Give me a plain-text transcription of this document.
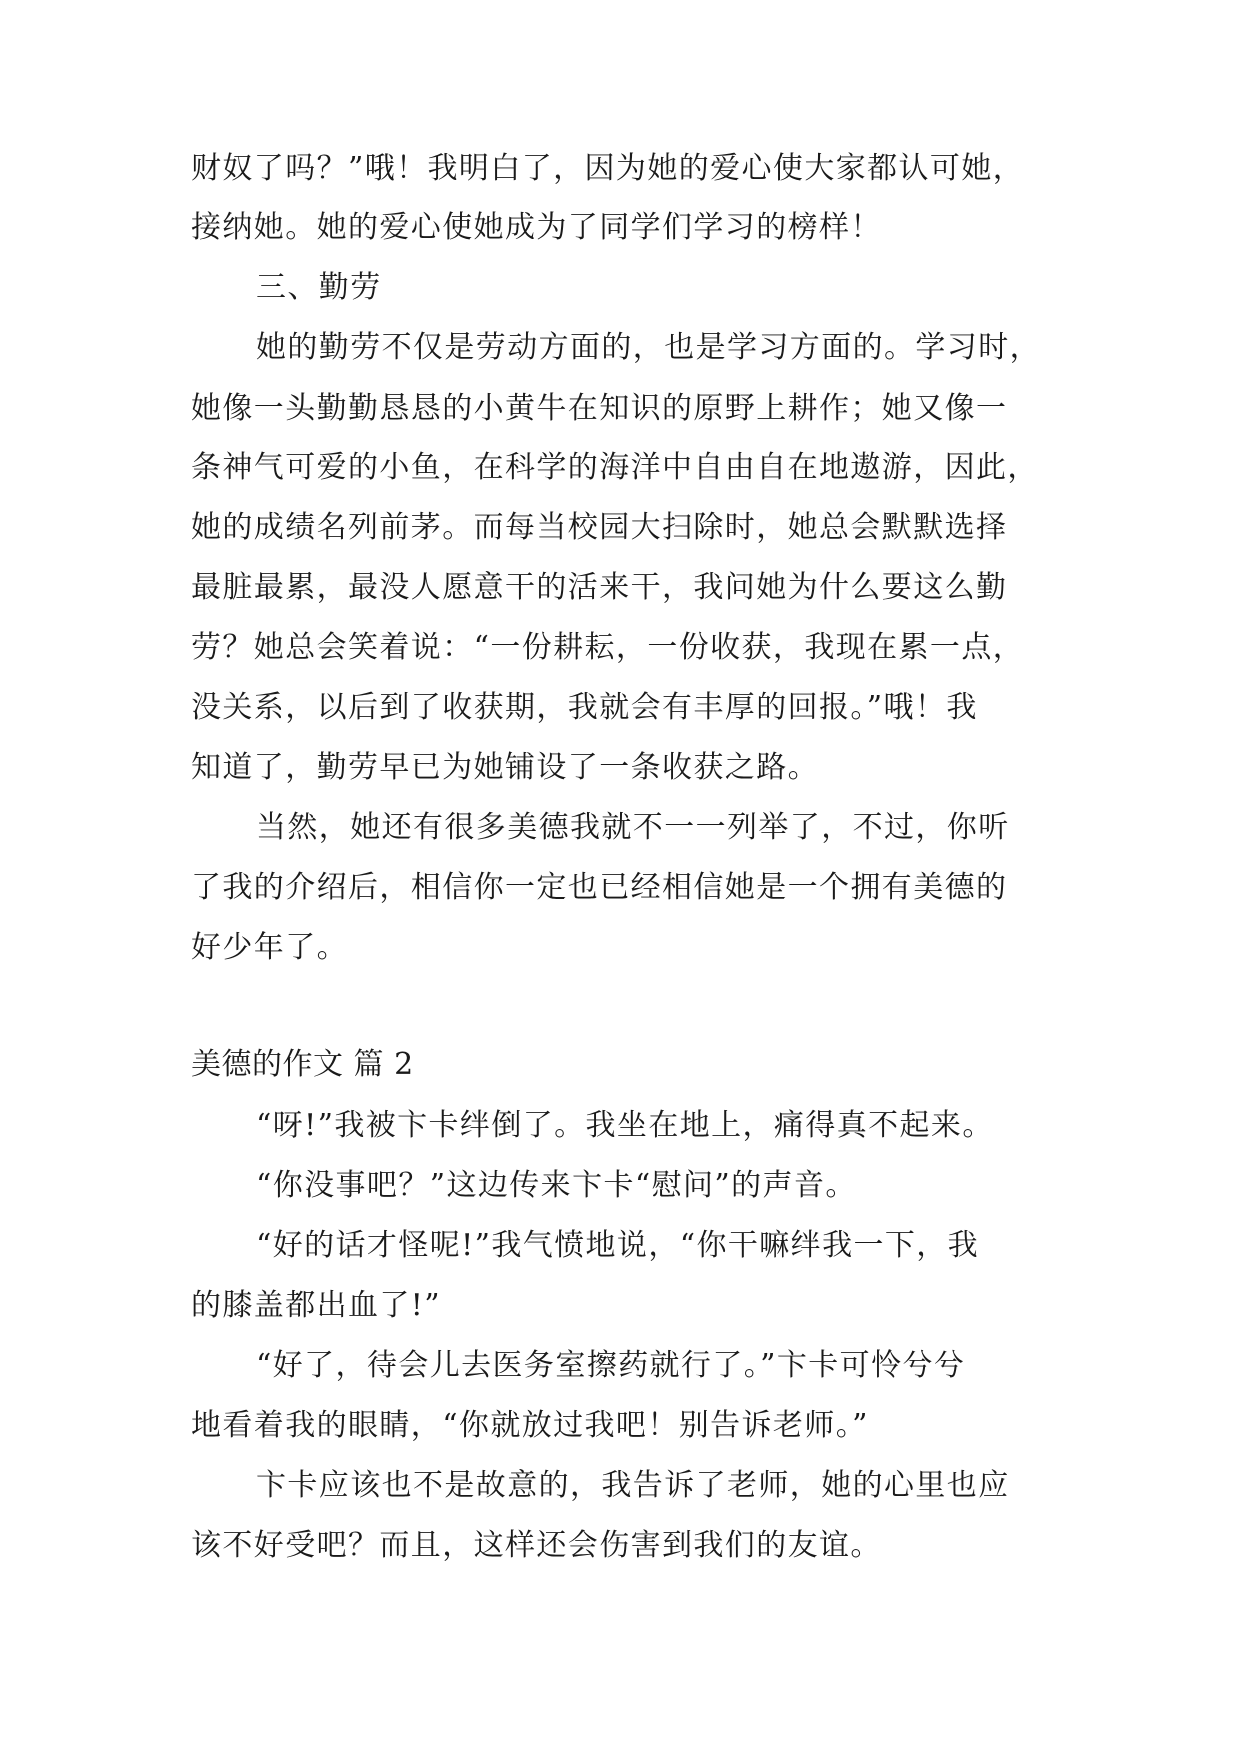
财奴了吗？”哦！我明白了，因为她的爱心使大家都认可她，
接纳她。她的爱心使她成为了同学们学习的榜样！
三、勤劳
她的勤劳不仅是劳动方面的，也是学习方面的。学习时，
她像一头勤勤恳恳的小黄牛在知识的原野上耕作；她又像一
条神气可爱的小鱼，在科学的海洋中自由自在地遨游，因此，
她的成绩名列前茅。而每当校园大扫除时，她总会默默选择
最脏最累，最没人愿意干的活来干，我问她为什么要这么勤
劳？她总会笑着说：“一份耕耘，一份收获，我现在累一点，
没关系，以后到了收获期，我就会有丰厚的回报。”哦！我
知道了，勤劳早已为她铺设了一条收获之路。
当然，她还有很多美德我就不一一列举了，不过，你听
了我的介绍后，相信你一定也已经相信她是一个拥有美德的
好少年了。
美德的作文 篇 2
“呀!”我被卞卡绊倒了。我坐在地上，痛得真不起来。
“你没事吧？”这边传来卞卡“慰问”的声音。
“好的话才怪呢!”我气愤地说，“你干嘛绊我一下，我
的膝盖都出血了!”
“好了，待会儿去医务室擦药就行了。”卞卡可怜兮兮
地看着我的眼睛，“你就放过我吧！别告诉老师。”
卞卡应该也不是故意的，我告诉了老师，她的心里也应
该不好受吧？而且，这样还会伤害到我们的友谊。
